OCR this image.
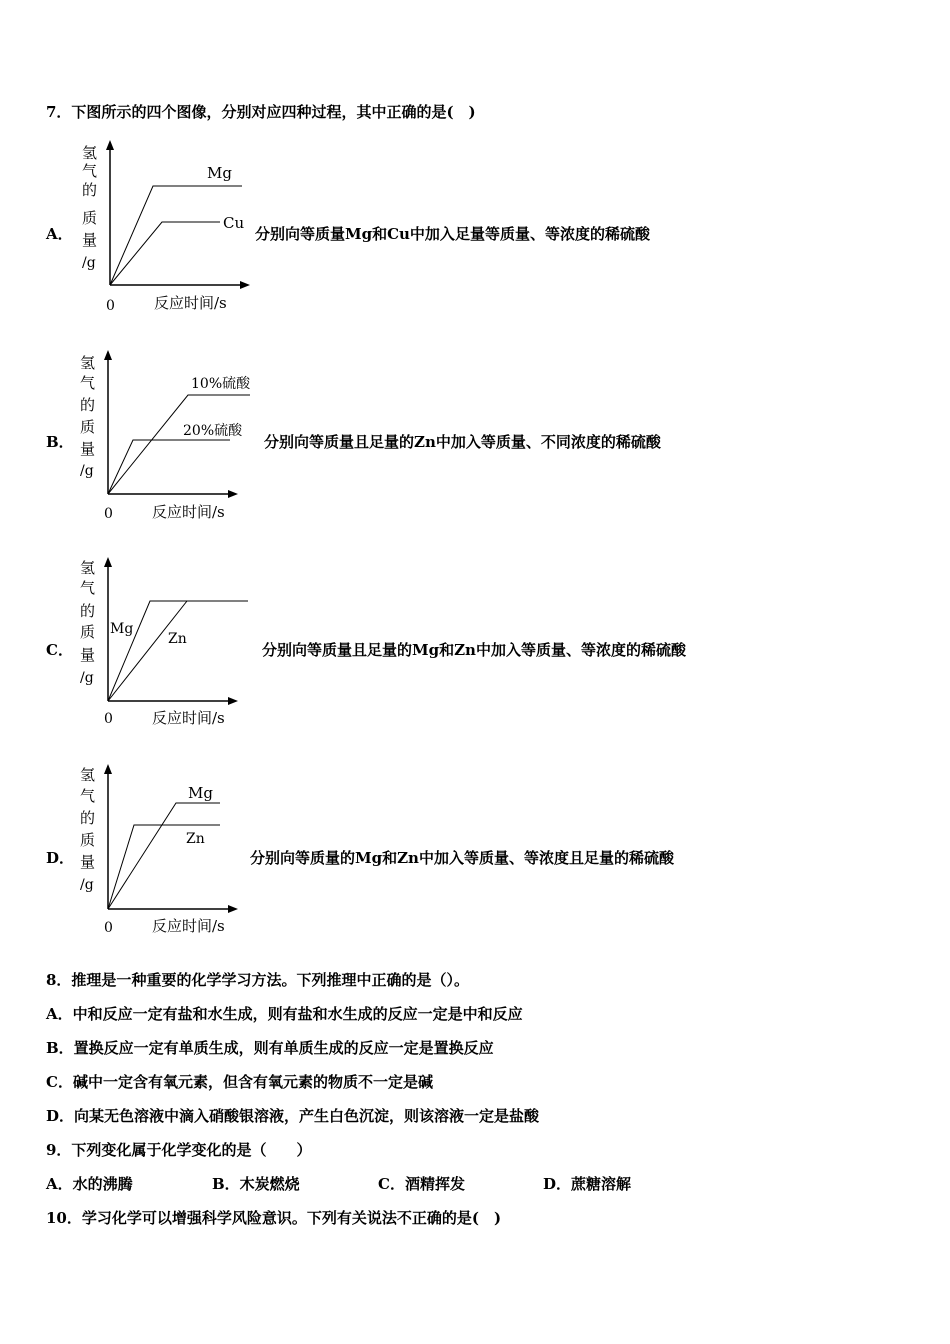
7．下图所示的四个图像，分别对应四种过程，其中正确的是(　)
A．
氢
气
的
质
量
/g
Mg
Cu
0	反应时间/s
分别向等质量Mg和Cu中加入足量等质量、等浓度的稀硫酸
B．
氢
气
的
质
量
/g
10%硫酸
20%硫酸
0	反应时间/s
分别向等质量且足量的Zn中加入等质量、不同浓度的稀硫酸
C．
氢
气
的
质
量
/g
Mg
Zn
0	反应时间/s
分别向等质量且足量的Mg和Zn中加入等质量、等浓度的稀硫酸
D．
氢
气
的
质
量
/g
Mg
Zn
0	反应时间/s
分别向等质量的Mg和Zn中加入等质量、等浓度且足量的稀硫酸
8．推理是一种重要的化学学习方法。下列推理中正确的是（）。
A．中和反应一定有盐和水生成，则有盐和水生成的反应一定是中和反应
B．置换反应一定有单质生成，则有单质生成的反应一定是置换反应
C．碱中一定含有氧元素，但含有氧元素的物质不一定是碱
D．向某无色溶液中滴入硝酸银溶液，产生白色沉淀，则该溶液一定是盐酸
9．下列变化属于化学变化的是（　　）
A．水的沸腾	B．木炭燃烧	C．酒精挥发	D．蔗糖溶解
10．学习化学可以增强科学风险意识。下列有关说法不正确的是(　)
